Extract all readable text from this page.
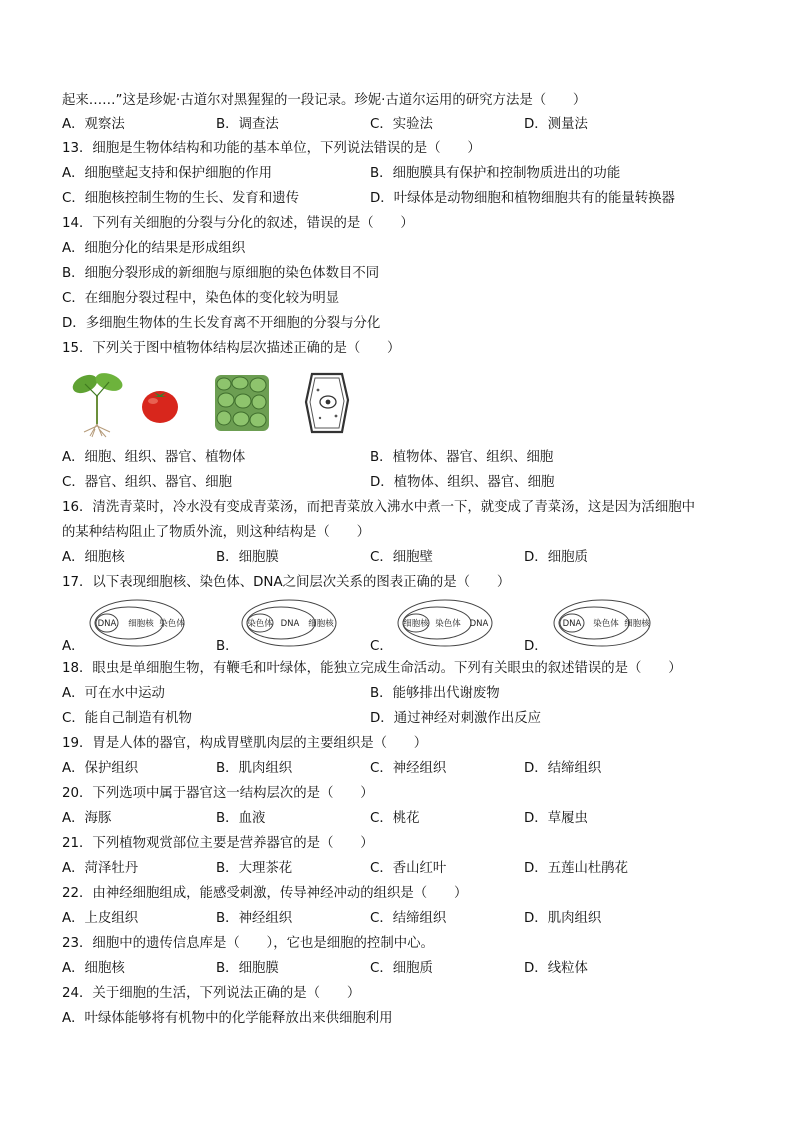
起来……”这是珍妮·古道尔对黑猩猩的一段记录。珍妮·古道尔运用的研究方法是（　　）
A．观察法	B．调查法	C．实验法	D．测量法
13．细胞是生物体结构和功能的基本单位，下列说法错误的是（　　）
A．细胞壁起支持和保护细胞的作用	B．细胞膜具有保护和控制物质进出的功能
C．细胞核控制生物的生长、发育和遗传	D．叶绿体是动物细胞和植物细胞共有的能量转换器
14．下列有关细胞的分裂与分化的叙述，错误的是（　　）
A．细胞分化的结果是形成组织
B．细胞分裂形成的新细胞与原细胞的染色体数目不同
C．在细胞分裂过程中，染色体的变化较为明显
D．多细胞生物体的生长发育离不开细胞的分裂与分化
15．下列关于图中植物体结构层次描述正确的是（　　）
A．细胞、组织、器官、植物体	B．植物体、器官、组织、细胞
C．器官、组织、器官、细胞	D．植物体、组织、器官、细胞
16．清洗青菜时，冷水没有变成青菜汤，而把青菜放入沸水中煮一下，就变成了青菜汤，这是因为活细胞中
的某种结构阻止了物质外流，则这种结构是（　　）
A．细胞核	B．细胞膜	C．细胞壁	D．细胞质
17．以下表现细胞核、染色体、DNA之间层次关系的图表正确的是（　　）
DNA 细胞核 染色体	染色体 DNA 细胞核	细胞核 染色体 DNA	DNA 染色体 细胞核
A．	B．	C．	D．
18．眼虫是单细胞生物，有鞭毛和叶绿体，能独立完成生命活动。下列有关眼虫的叙述错误的是（　　）
A．可在水中运动	B．能够排出代谢废物
C．能自己制造有机物	D．通过神经对刺激作出反应
19．胃是人体的器官，构成胃壁肌肉层的主要组织是（　　）
A．保护组织	B．肌肉组织	C．神经组织	D．结缔组织
20．下列选项中属于器官这一结构层次的是（　　）
A．海豚	B．血液	C．桃花	D．草履虫
21．下列植物观赏部位主要是营养器官的是（　　）
A．菏泽牡丹	B．大理茶花	C．香山红叶	D．五莲山杜鹃花
22．由神经细胞组成，能感受刺激，传导神经冲动的组织是（　　）
A．上皮组织	B．神经组织	C．结缔组织	D．肌肉组织
23．细胞中的遗传信息库是（　　），它也是细胞的控制中心。
A．细胞核	B．细胞膜	C．细胞质	D．线粒体
24．关于细胞的生活，下列说法正确的是（　　）
A．叶绿体能够将有机物中的化学能释放出来供细胞利用
